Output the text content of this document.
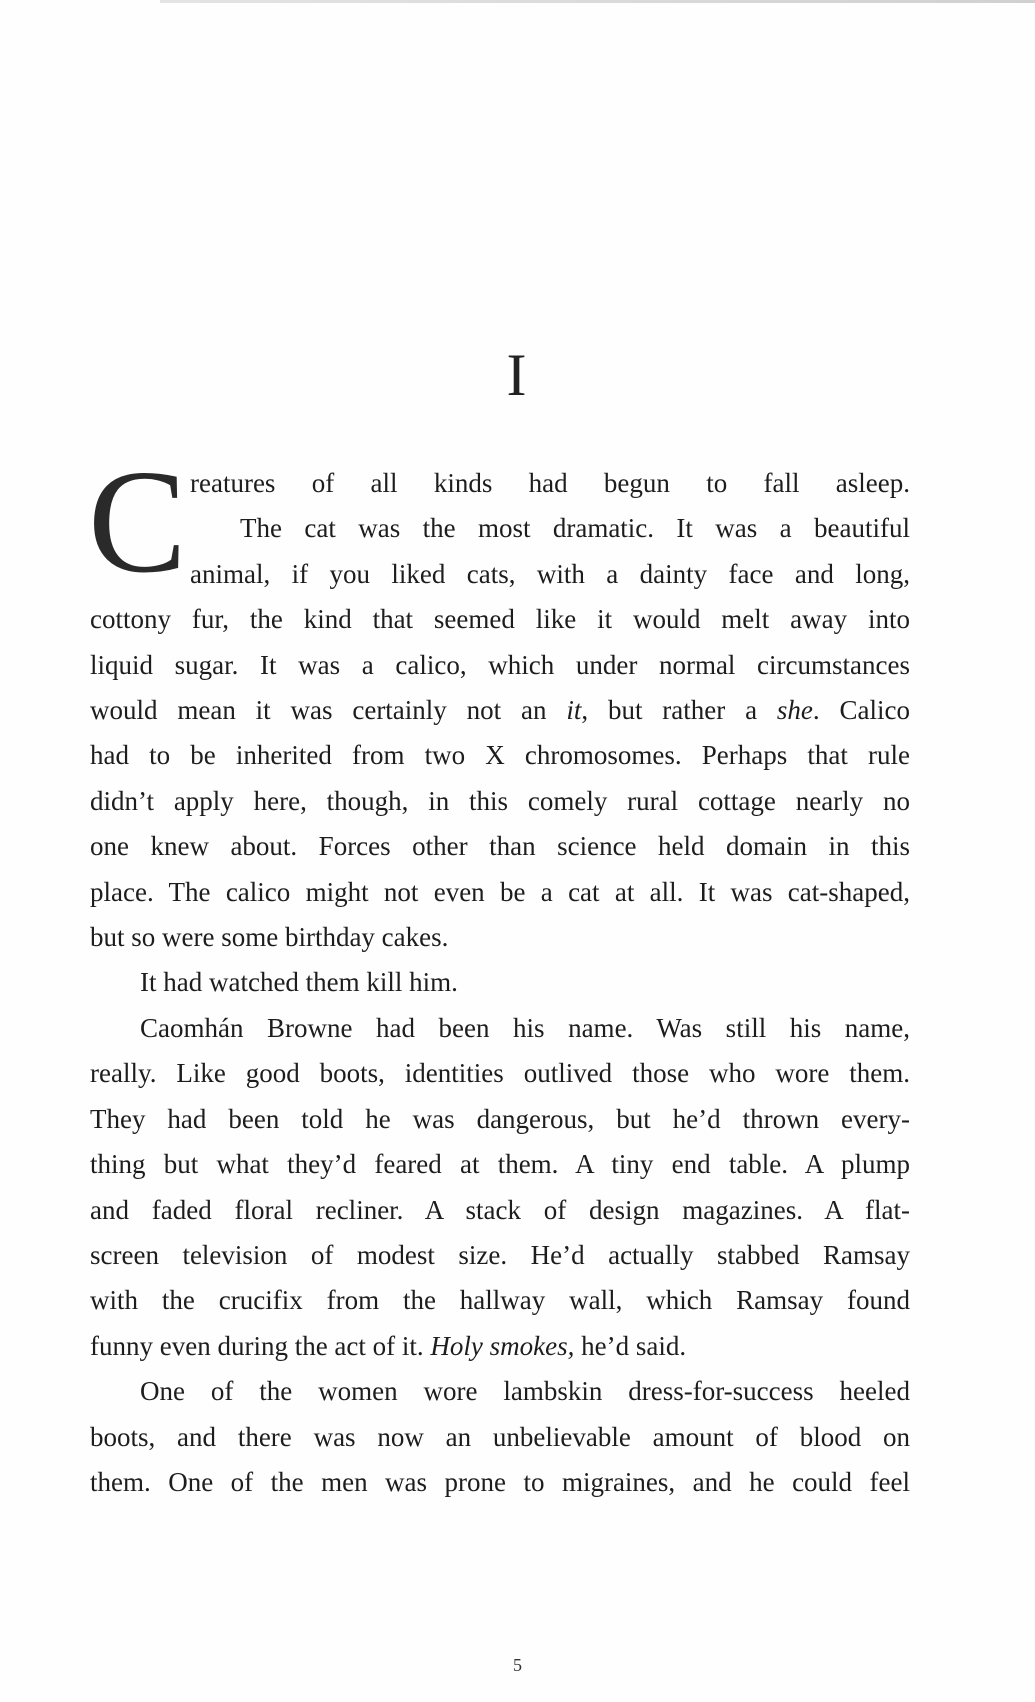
I
C reatures of all kinds had begun to fall asleep.
The cat was the most dramatic. It was a beautiful
animal, if you liked cats, with a dainty face and long,
cottony fur, the kind that seemed like it would melt away into
liquid sugar. It was a calico, which under normal circumstances
would mean it was certainly not an it, but rather a she. Calico
had to be inherited from two X chromosomes. Perhaps that rule
didn’t apply here, though, in this comely rural cottage nearly no
one knew about. Forces other than science held domain in this
place. The calico might not even be a cat at all. It was cat-shaped,
but so were some birthday cakes.
It had watched them kill him.
Caomhán Browne had been his name. Was still his name,
really. Like good boots, identities outlived those who wore them.
They had been told he was dangerous, but he’d thrown every-
thing but what they’d feared at them. A tiny end table. A plump
and faded floral recliner. A stack of design magazines. A flat-
screen television of modest size. He’d actually stabbed Ramsay
with the crucifix from the hallway wall, which Ramsay found
funny even during the act of it. Holy smokes, he’d said.
One of the women wore lambskin dress-for-success heeled
boots, and there was now an unbelievable amount of blood on
them. One of the men was prone to migraines, and he could feel
5
